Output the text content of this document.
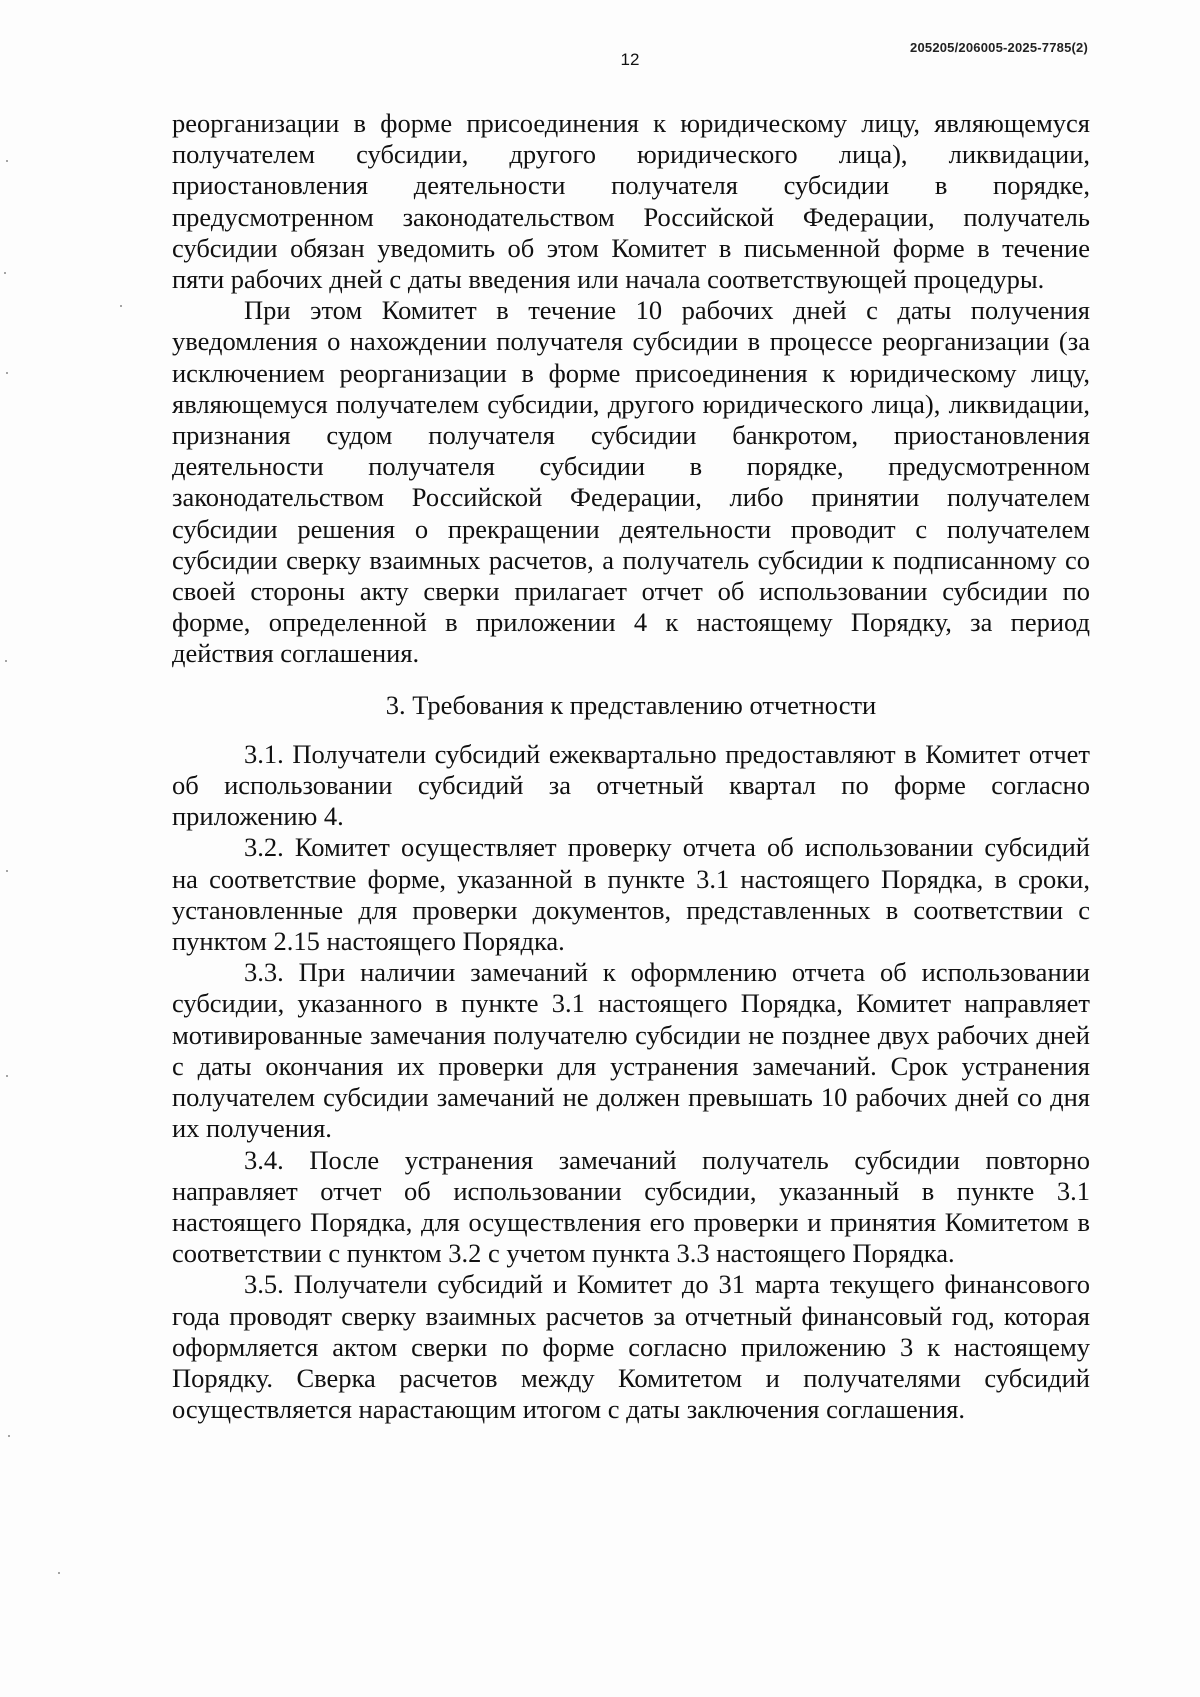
205205/206005-2025-7785(2)
12

реорганизации в форме присоединения к юридическому лицу, являющемуся получателем субсидии, другого юридического лица), ликвидации, приостановления деятельности получателя субсидии в порядке, предусмотренном законодательством Российской Федерации, получатель субсидии обязан уведомить об этом Комитет в письменной форме в течение пяти рабочих дней с даты введения или начала соответствующей процедуры.

При этом Комитет в течение 10 рабочих дней с даты получения уведомления о нахождении получателя субсидии в процессе реорганизации (за исключением реорганизации в форме присоединения к юридическому лицу, являющемуся получателем субсидии, другого юридического лица), ликвидации, признания судом получателя субсидии банкротом, приостановления деятельности получателя субсидии в порядке, предусмотренном законодательством Российской Федерации, либо принятии получателем субсидии решения о прекращении деятельности проводит с получателем субсидии сверку взаимных расчетов, а получатель субсидии к подписанному со своей стороны акту сверки прилагает отчет об использовании субсидии по форме, определенной в приложении 4 к настоящему Порядку, за период действия соглашения.

3. Требования к представлению отчетности

3.1. Получатели субсидий ежеквартально предоставляют в Комитет отчет об использовании субсидий за отчетный квартал по форме согласно приложению 4.

3.2. Комитет осуществляет проверку отчета об использовании субсидий на соответствие форме, указанной в пункте 3.1 настоящего Порядка, в сроки, установленные для проверки документов, представленных в соответствии с пунктом 2.15 настоящего Порядка.

3.3. При наличии замечаний к оформлению отчета об использовании субсидии, указанного в пункте 3.1 настоящего Порядка, Комитет направляет мотивированные замечания получателю субсидии не позднее двух рабочих дней с даты окончания их проверки для устранения замечаний. Срок устранения получателем субсидии замечаний не должен превышать 10 рабочих дней со дня их получения.

3.4. После устранения замечаний получатель субсидии повторно направляет отчет об использовании субсидии, указанный в пункте 3.1 настоящего Порядка, для осуществления его проверки и принятия Комитетом в соответствии с пунктом 3.2 с учетом пункта 3.3 настоящего Порядка.

3.5. Получатели субсидий и Комитет до 31 марта текущего финансового года проводят сверку взаимных расчетов за отчетный финансовый год, которая оформляется актом сверки по форме согласно приложению 3 к настоящему Порядку. Сверка расчетов между Комитетом и получателями субсидий осуществляется нарастающим итогом с даты заключения соглашения.
